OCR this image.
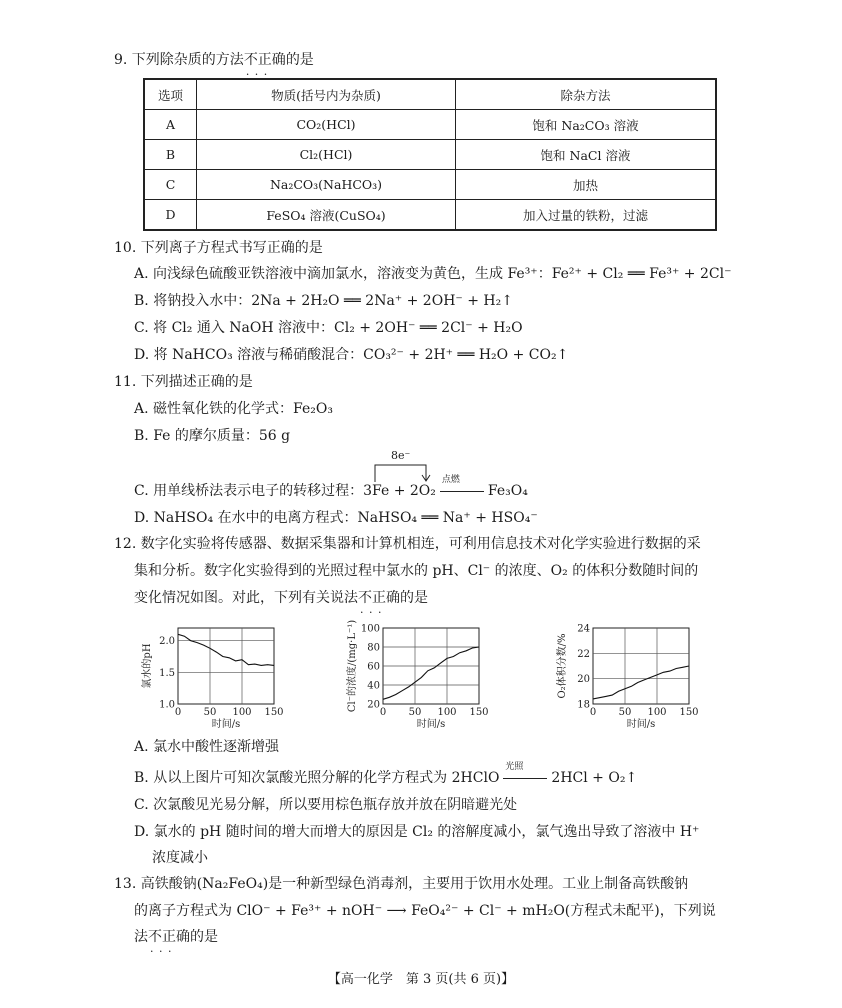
9. 下列除杂质的方法不正确 · · ·的是
选项	物质(括号内为杂质)	除杂方法
A	CO₂(HCl)	饱和 Na₂CO₃ 溶液
B	Cl₂(HCl)	饱和 NaCl 溶液
C	Na₂CO₃(NaHCO₃)	加热
D	FeSO₄ 溶液(CuSO₄)	加入过量的铁粉，过滤
10. 下列离子方程式书写正确的是
A. 向浅绿色硫酸亚铁溶液中滴加氯水，溶液变为黄色，生成 Fe³⁺：Fe²⁺ + Cl₂ ══ Fe³⁺ + 2Cl⁻
B. 将钠投入水中：2Na + 2H₂O ══ 2Na⁺ + 2OH⁻ + H₂↑
C. 将 Cl₂ 通入 NaOH 溶液中：Cl₂ + 2OH⁻ ══ 2Cl⁻ + H₂O
D. 将 NaHCO₃ 溶液与稀硝酸混合：CO₃²⁻ + 2H⁺ ══ H₂O + CO₂↑
11. 下列描述正确的是
A. 磁性氧化铁的化学式：Fe₂O₃
B. Fe 的摩尔质量：56 g
8e⁻
C. 用单线桥法表示电子的转移过程：3Fe + 2O₂
点燃
Fe₃O₄
D. NaHSO₄ 在水中的电离方程式：NaHSO₄ ══ Na⁺ + HSO₄⁻
12. 数字化实验将传感器、数据采集器和计算机相连，可利用信息技术对化学实验进行数据的采
集和分析。数字化实验得到的光照过程中氯水的 pH、Cl⁻ 的浓度、O₂ 的体积分数随时间的
变化情况如图。对此，下列有关说法不正确 · · ·的是
0 50 100 150
1.0
1.5
2.0
时间/s
氯水的pH
0 50 100 150
20
40
60
80
100
时间/s
Cl⁻的浓度/(mg·L⁻¹)
0 50 100 150
18
20
22
24
时间/s
O₂体积分数/%
A. 氯水中酸性逐渐增强
B. 从以上图片可知次氯酸光照分解的化学方程式为 2HClO
光照
2HCl + O₂↑
C. 次氯酸见光易分解，所以要用棕色瓶存放并放在阴暗避光处
D. 氯水的 pH 随时间的增大而增大的原因是 Cl₂ 的溶解度减小，氯气逸出导致了溶液中 H⁺
浓度减小
13. 高铁酸钠(Na₂FeO₄)是一种新型绿色消毒剂，主要用于饮用水处理。工业上制备高铁酸钠
的离子方程式为 ClO⁻ + Fe³⁺ + nOH⁻ ⟶ FeO₄²⁻ + Cl⁻ + mH₂O(方程式未配平)，下列说
法不正确 · · ·的是
【高一化学　第 3 页(共 6 页)】
